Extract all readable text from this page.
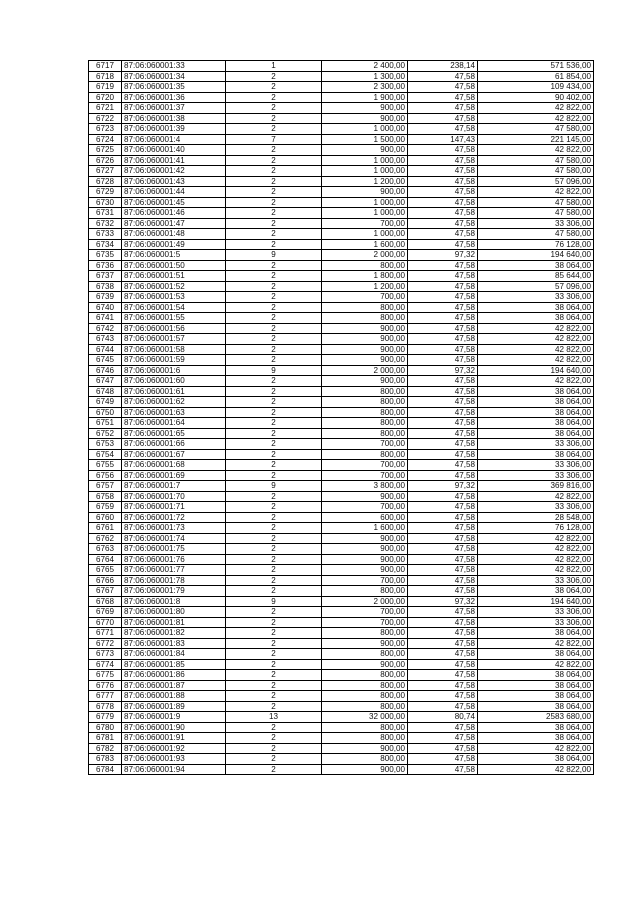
6717	87:06:060001:33	1	2 400,00	238,14	571 536,00
6718	87:06:060001:34	2	1 300,00	47,58	61 854,00
6719	87:06:060001:35	2	2 300,00	47,58	109 434,00
6720	87:06:060001:36	2	1 900,00	47,58	90 402,00
6721	87:06:060001:37	2	900,00	47,58	42 822,00
6722	87:06:060001:38	2	900,00	47,58	42 822,00
6723	87:06:060001:39	2	1 000,00	47,58	47 580,00
6724	87:06:060001:4	7	1 500,00	147,43	221 145,00
6725	87:06:060001:40	2	900,00	47,58	42 822,00
6726	87:06:060001:41	2	1 000,00	47,58	47 580,00
6727	87:06:060001:42	2	1 000,00	47,58	47 580,00
6728	87:06:060001:43	2	1 200,00	47,58	57 096,00
6729	87:06:060001:44	2	900,00	47,58	42 822,00
6730	87:06:060001:45	2	1 000,00	47,58	47 580,00
6731	87:06:060001:46	2	1 000,00	47,58	47 580,00
6732	87:06:060001:47	2	700,00	47,58	33 306,00
6733	87:06:060001:48	2	1 000,00	47,58	47 580,00
6734	87:06:060001:49	2	1 600,00	47,58	76 128,00
6735	87:06:060001:5	9	2 000,00	97,32	194 640,00
6736	87:06:060001:50	2	800,00	47,58	38 064,00
6737	87:06:060001:51	2	1 800,00	47,58	85 644,00
6738	87:06:060001:52	2	1 200,00	47,58	57 096,00
6739	87:06:060001:53	2	700,00	47,58	33 306,00
6740	87:06:060001:54	2	800,00	47,58	38 064,00
6741	87:06:060001:55	2	800,00	47,58	38 064,00
6742	87:06:060001:56	2	900,00	47,58	42 822,00
6743	87:06:060001:57	2	900,00	47,58	42 822,00
6744	87:06:060001:58	2	900,00	47,58	42 822,00
6745	87:06:060001:59	2	900,00	47,58	42 822,00
6746	87:06:060001:6	9	2 000,00	97,32	194 640,00
6747	87:06:060001:60	2	900,00	47,58	42 822,00
6748	87:06:060001:61	2	800,00	47,58	38 064,00
6749	87:06:060001:62	2	800,00	47,58	38 064,00
6750	87:06:060001:63	2	800,00	47,58	38 064,00
6751	87:06:060001:64	2	800,00	47,58	38 064,00
6752	87:06:060001:65	2	800,00	47,58	38 064,00
6753	87:06:060001:66	2	700,00	47,58	33 306,00
6754	87:06:060001:67	2	800,00	47,58	38 064,00
6755	87:06:060001:68	2	700,00	47,58	33 306,00
6756	87:06:060001:69	2	700,00	47,58	33 306,00
6757	87:06:060001:7	9	3 800,00	97,32	369 816,00
6758	87:06:060001:70	2	900,00	47,58	42 822,00
6759	87:06:060001:71	2	700,00	47,58	33 306,00
6760	87:06:060001:72	2	600,00	47,58	28 548,00
6761	87:06:060001:73	2	1 600,00	47,58	76 128,00
6762	87:06:060001:74	2	900,00	47,58	42 822,00
6763	87:06:060001:75	2	900,00	47,58	42 822,00
6764	87:06:060001:76	2	900,00	47,58	42 822,00
6765	87:06:060001:77	2	900,00	47,58	42 822,00
6766	87:06:060001:78	2	700,00	47,58	33 306,00
6767	87:06:060001:79	2	800,00	47,58	38 064,00
6768	87:06:060001:8	9	2 000,00	97,32	194 640,00
6769	87:06:060001:80	2	700,00	47,58	33 306,00
6770	87:06:060001:81	2	700,00	47,58	33 306,00
6771	87:06:060001:82	2	800,00	47,58	38 064,00
6772	87:06:060001:83	2	900,00	47,58	42 822,00
6773	87:06:060001:84	2	800,00	47,58	38 064,00
6774	87:06:060001:85	2	900,00	47,58	42 822,00
6775	87:06:060001:86	2	800,00	47,58	38 064,00
6776	87:06:060001:87	2	800,00	47,58	38 064,00
6777	87:06:060001:88	2	800,00	47,58	38 064,00
6778	87:06:060001:89	2	800,00	47,58	38 064,00
6779	87:06:060001:9	13	32 000,00	80,74	2583 680,00
6780	87:06:060001:90	2	800,00	47,58	38 064,00
6781	87:06:060001:91	2	800,00	47,58	38 064,00
6782	87:06:060001:92	2	900,00	47,58	42 822,00
6783	87:06:060001:93	2	800,00	47,58	38 064,00
6784	87:06:060001:94	2	900,00	47,58	42 822,00
